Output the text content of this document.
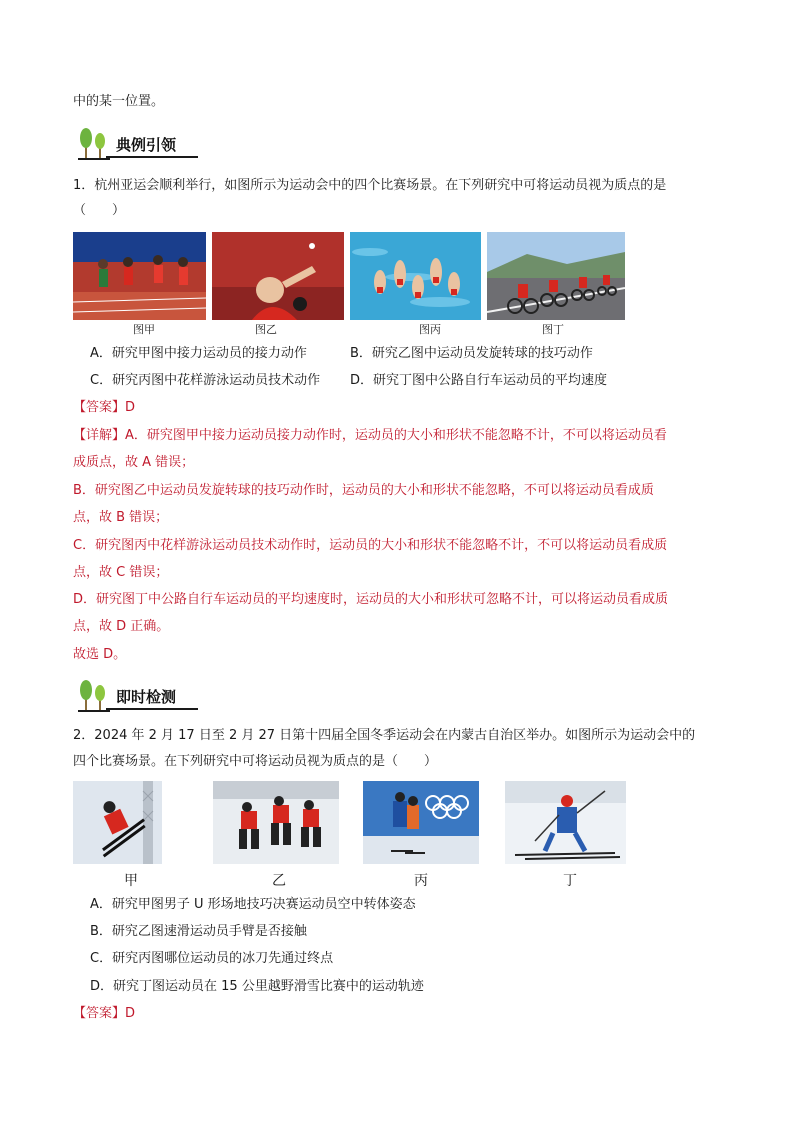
中的某一位置。
典例引领
1．杭州亚运会顺利举行，如图所示为运动会中的四个比赛场景。在下列研究中可将运动员视为质点的是
（　　）
图甲	图乙	图丙	图丁
A．研究甲图中接力运动员的接力动作	B．研究乙图中运动员发旋转球的技巧动作
C．研究丙图中花样游泳运动员技术动作 D．研究丁图中公路自行车运动员的平均速度
【答案】D
【详解】A．研究图甲中接力运动员接力动作时，运动员的大小和形状不能忽略不计，不可以将运动员看
成质点，故 A 错误；
B．研究图乙中运动员发旋转球的技巧动作时，运动员的大小和形状不能忽略，不可以将运动员看成质
点，故 B 错误；
C．研究图丙中花样游泳运动员技术动作时，运动员的大小和形状不能忽略不计，不可以将运动员看成质
点，故 C 错误；
D．研究图丁中公路自行车运动员的平均速度时，运动员的大小和形状可忽略不计，可以将运动员看成质
点，故 D 正确。
故选 D。
即时检测
2．2024 年 2 月 17 日至 2 月 27 日第十四届全国冬季运动会在内蒙古自治区举办。如图所示为运动会中的
四个比赛场景。在下列研究中可将运动员视为质点的是（　　）
甲	乙	丙	丁
A．研究甲图男子 U 形场地技巧决赛运动员空中转体姿态
B．研究乙图速滑运动员手臂是否接触
C．研究丙图哪位运动员的冰刀先通过终点
D．研究丁图运动员在 15 公里越野滑雪比赛中的运动轨迹
【答案】D
